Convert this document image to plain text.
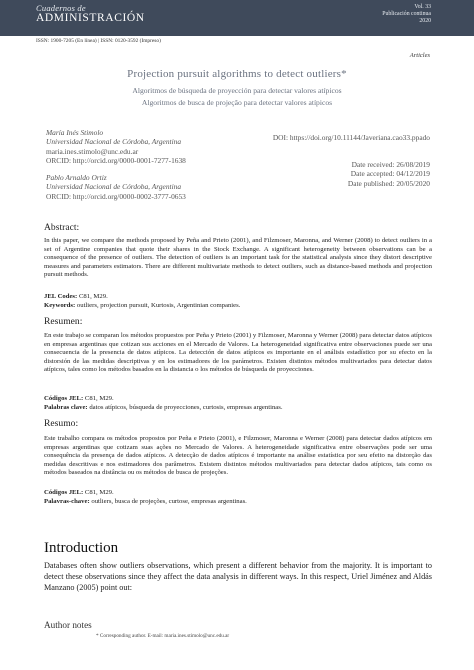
Cuadernos de
ADMINISTRACIÓN
Vol. 33
Publicación continua
2020
ISSN: 1900-7205 (En línea) | ISSN: 0120-3592 (Impreso)
Articles
Projection pursuit algorithms to detect outliers*
Algoritmos de búsqueda de proyección para detectar valores atípicos
Algoritmos de busca de projeção para detectar valores atípicos
María Inés Stimolo
Universidad Nacional de Córdoba, Argentina
maria.ines.stimolo@unc.edu.ar
ORCID: http://orcid.org/0000-0001-7277-1638
Pablo Arnaldo Ortiz
Universidad Nacional de Córdoba, Argentina
ORCID: http://orcid.org/0000-0002-3777-0653
DOI: https://doi.org/10.11144/Javeriana.cao33.ppado
Date received: 26/08/2019
Date accepted: 04/12/2019
Date published: 20/05/2020
Abstract:
In this paper, we compare the methods proposed by Peña and Prieto (2001), and Filzmoser, Maronna, and Werner (2008) to detect outliers in a set of Argentine companies that quote their shares in the Stock Exchange. A significant heterogeneity between observations can be a consequence of the presence of outliers. The detection of outliers is an important task for the statistical analysis since they distort descriptive measures and parameters estimators. There are different multivariate methods to detect outliers, such as distance-based methods and projection pursuit methods.
JEL Codes: C81, M29.
Keywords: outliers, projection pursuit, Kurtosis, Argentinian companies.
Resumen:
En este trabajo se comparan los métodos propuestos por Peña y Prieto (2001) y Filzmoser, Maronna y Werner (2008) para detectar datos atípicos en empresas argentinas que cotizan sus acciones en el Mercado de Valores. La heterogeneidad significativa entre observaciones puede ser una consecuencia de la presencia de datos atípicos. La detección de datos atípicos es importante en el análisis estadístico por su efecto en la distorsión de las medidas descriptivas y en los estimadores de los parámetros. Existen distintos métodos multivariados para detectar datos atípicos, tales como los métodos basados en la distancia o los métodos de búsqueda de proyecciones.
Códigos JEL: C81, M29.
Palabras clave: datos atípicos, búsqueda de proyecciones, curtosis, empresas argentinas.
Resumo:
Este trabalho compara os métodos propostos por Peña e Prieto (2001), e Filzmoser, Maronna e Werner (2008) para detectar dados atípicos em empresas argentinas que cotizam suas ações no Mercado de Valores. A heterogeneidade significativa entre observações pode ser uma consequência da presença de dados atípicos. A detecção de dados atípicos é importante na análise estatística por seu efeito na distorção das medidas descritivas e nos estimadores dos parâmetros. Existem distintos métodos multivariados para detectar dados atípicos, tais como os métodos baseados na distância ou os métodos de busca de projeções.
Códigos JEL: C81, M29.
Palavras-chave: outliers, busca de projeções, curtose, empresas argentinas.
Introduction
Databases often show outliers observations, which present a different behavior from the majority. It is important to detect these observations since they affect the data analysis in different ways. In this respect, Uriel Jiménez and Aldás Manzano (2005) point out:
Author notes
* Corresponding author. E-mail: maria.ines.stimolo@unc.edu.ar
